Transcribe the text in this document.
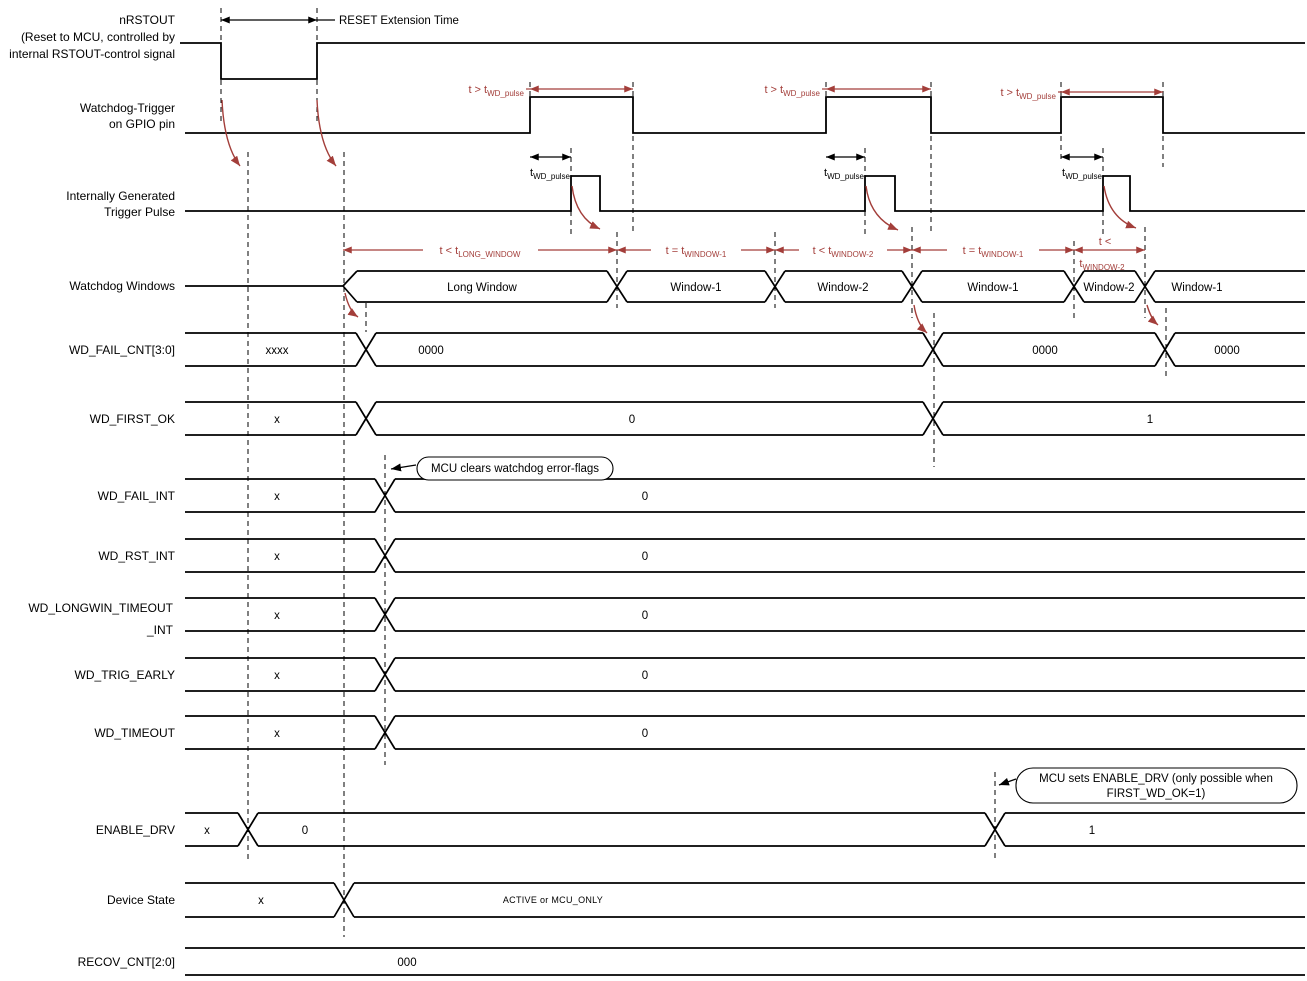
nRSTOUT
(Reset to MCU, controlled by
internal RSTOUT-control signal
Watchdog-Trigger
on GPIO pin
Internally Generated
Trigger Pulse
Watchdog Windows	Long Window	Window-1	Window-2	Window-1	Window-2	Window-1
WD_FAIL_CNT[3:0]	xxxx	0000	0000	0000
WD_FIRST_OK	x	0	1
WD_FAIL_INT	x	0
WD_RST_INT	x	0
WD_LONGWIN_TIMEOUT
_INT
x	0
WD_TRIG_EARLY	x	0
WD_TIMEOUT	x	0
ENABLE_DRV	x	0	1
Device State	x	ACTIVE or MCU_ONLY
RECOV_CNT[2:0]	000
RESET Extension Time
$t > t_{WD\_pulse}$	$t > t_{WD\_pulse}$	$t > t_{WD\_pulse}$
$t_{WD\_pulse}$	$t_{WD\_pulse}$	$t_{WD\_pulse}$
$t < t_{LONG\_WINDOW}$	$t = t_{WINDOW-1}$	$t < t_{WINDOW-2}$	$t = t_{WINDOW-1}$
t <
$t_{WINDOW-2}$
MCU clears watchdog error-flags
MCU sets ENABLE_DRV (only possible when
FIRST_WD_OK=1)
